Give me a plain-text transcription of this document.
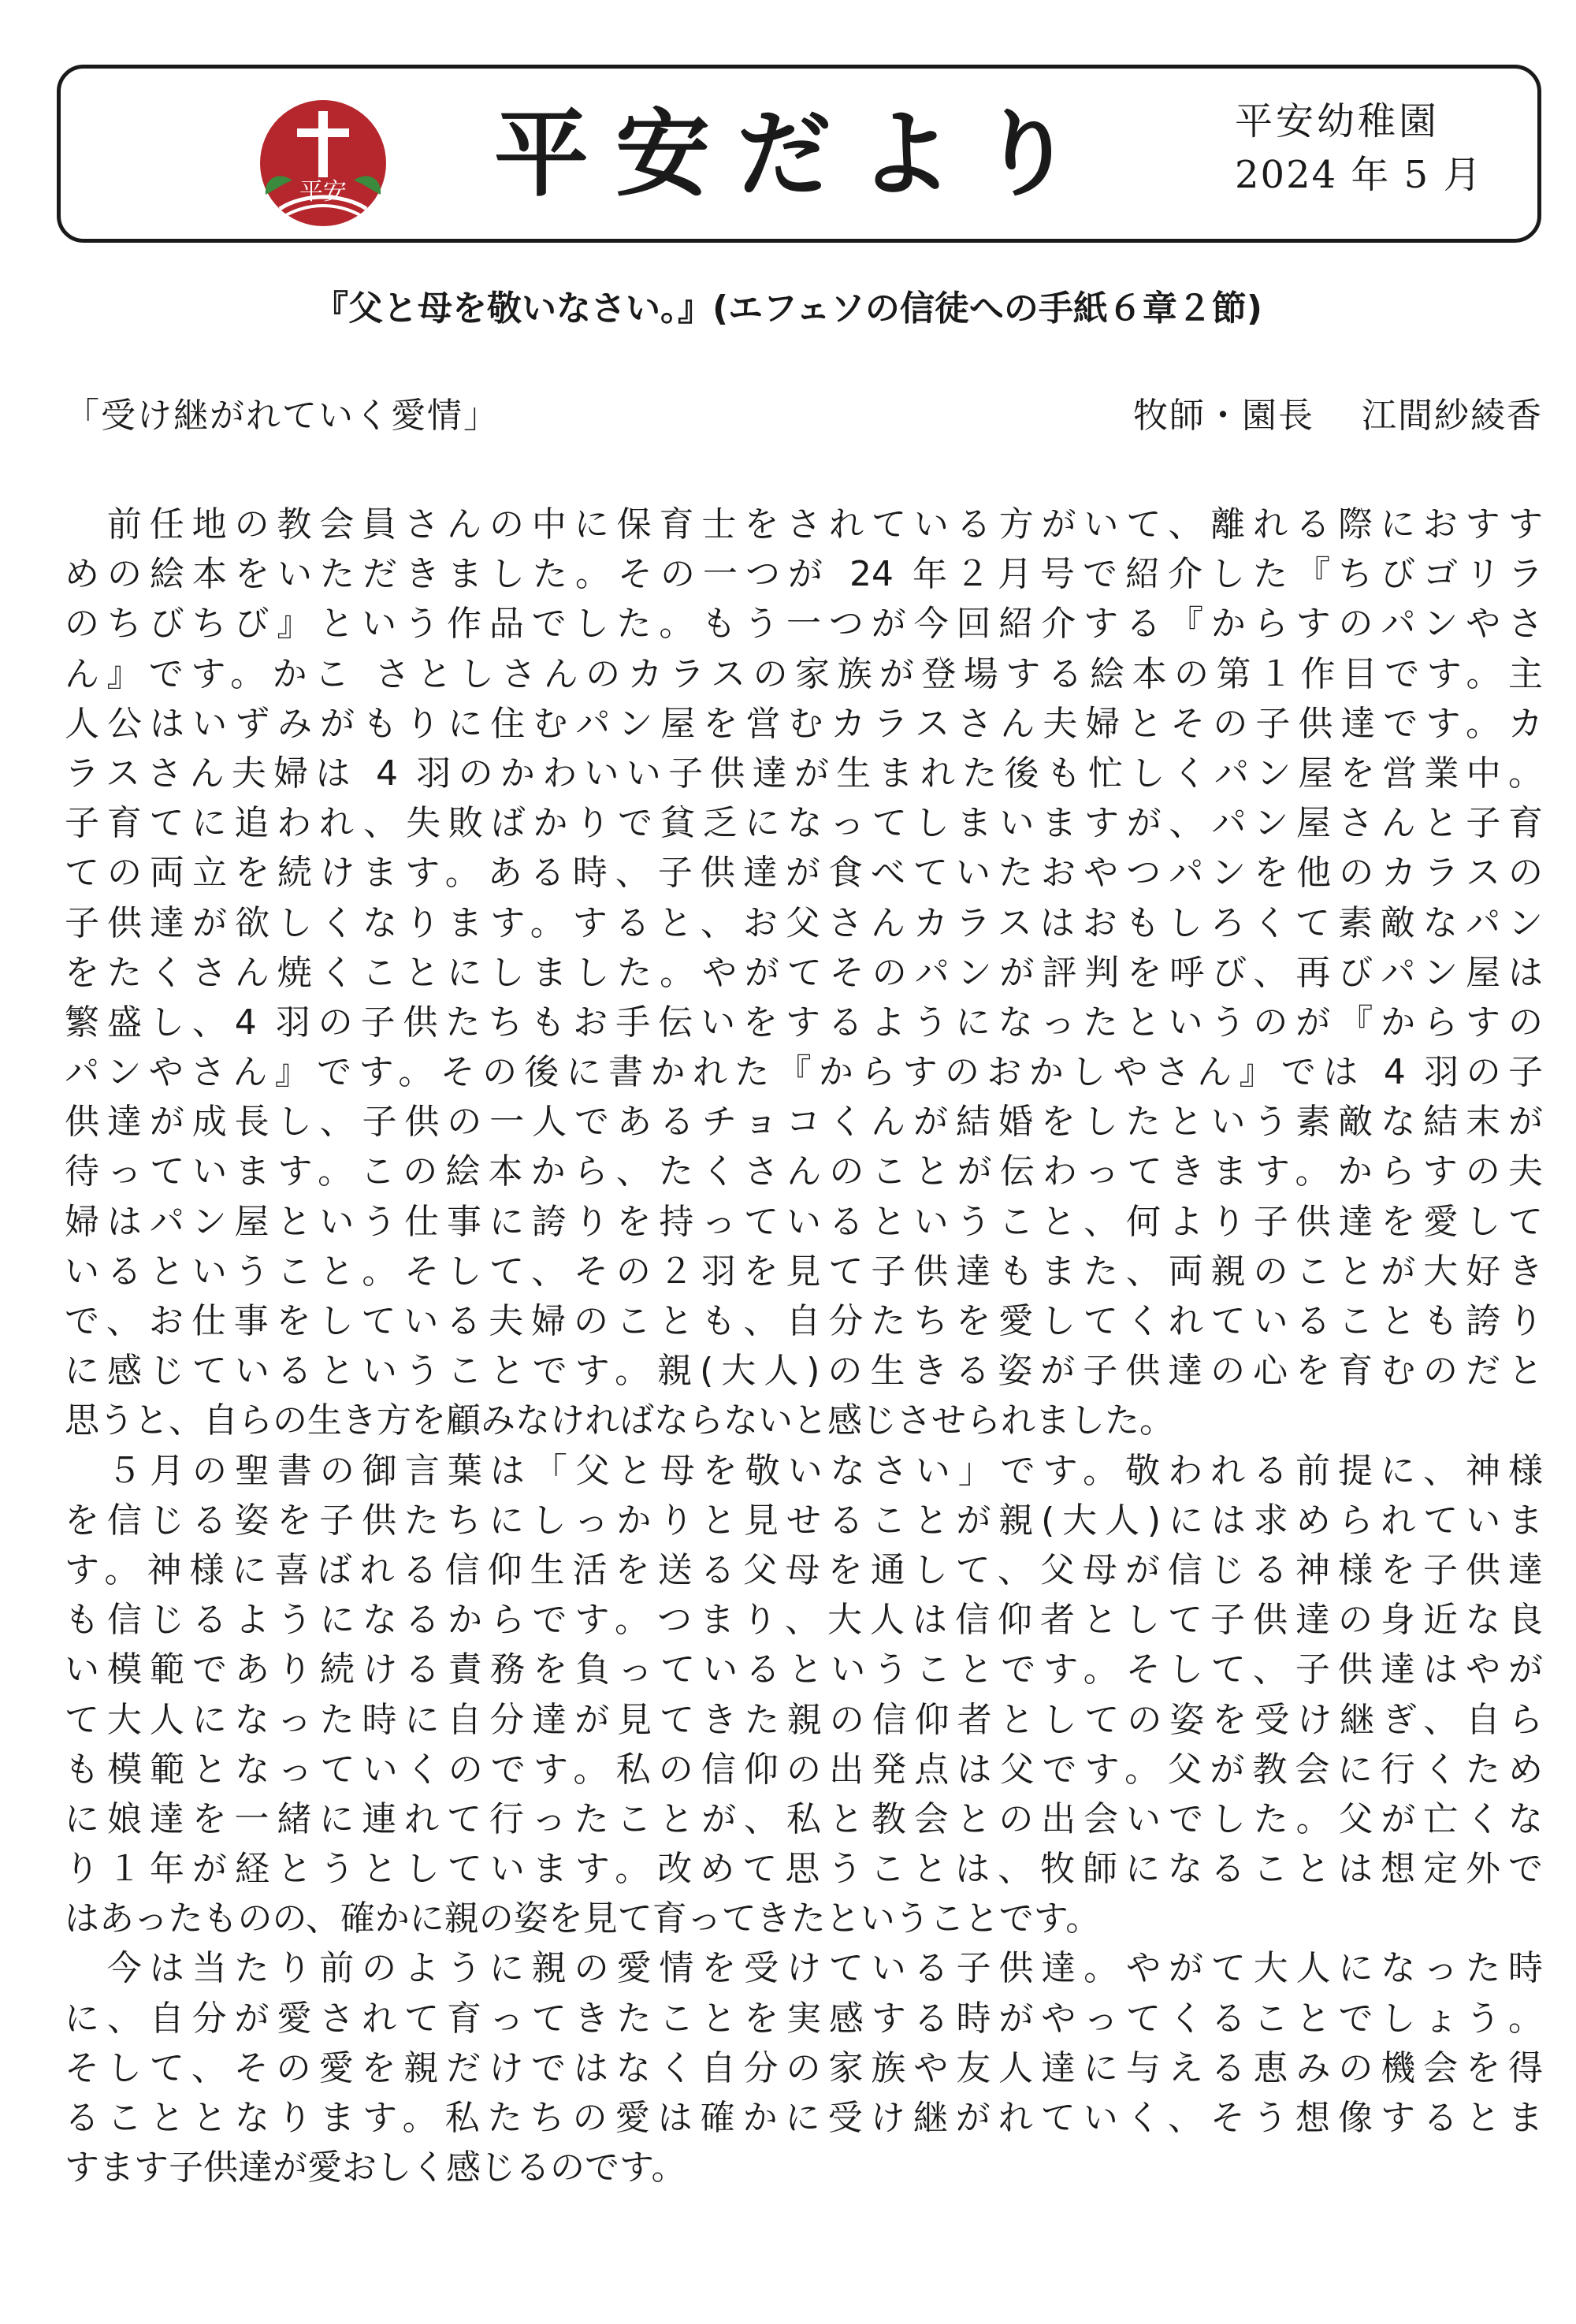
平安 平安だより	平安幼稚園
2024 年 5 月
『父と母を敬いなさい。』(エフェソの信徒への手紙６章２節)
「受け継がれていく愛情」	牧師・園長 江間紗綾香
　前任地の教会員さんの中に保育士をされている方がいて、離れる際におすす
めの絵本をいただきました。その一つが 24 年２月号で紹介した『ちびゴリラ
のちびちび』という作品でした。もう一つが今回紹介する『からすのパンやさ
ん』です。かこ さとしさんのカラスの家族が登場する絵本の第１作目です。主
人公はいずみがもりに住むパン屋を営むカラスさん夫婦とその子供達です。カ
ラスさん夫婦は 4 羽のかわいい子供達が生まれた後も忙しくパン屋を営業中。
子育てに追われ、失敗ばかりで貧乏になってしまいますが、パン屋さんと子育
ての両立を続けます。ある時、子供達が食べていたおやつパンを他のカラスの
子供達が欲しくなります。すると、お父さんカラスはおもしろくて素敵なパン
をたくさん焼くことにしました。やがてそのパンが評判を呼び、再びパン屋は
繁盛し、4 羽の子供たちもお手伝いをするようになったというのが『からすの
パンやさん』です。その後に書かれた『からすのおかしやさん』では 4 羽の子
供達が成長し、子供の一人であるチョコくんが結婚をしたという素敵な結末が
待っています。この絵本から、たくさんのことが伝わってきます。からすの夫
婦はパン屋という仕事に誇りを持っているということ、何より子供達を愛して
いるということ。そして、その２羽を見て子供達もまた、両親のことが大好き
で、お仕事をしている夫婦のことも、自分たちを愛してくれていることも誇り
に感じているということです。親(大人)の生きる姿が子供達の心を育むのだと
思うと、自らの生き方を顧みなければならないと感じさせられました。
　５月の聖書の御言葉は「父と母を敬いなさい」です。敬われる前提に、神様
を信じる姿を子供たちにしっかりと見せることが親(大人)には求められていま
す。神様に喜ばれる信仰生活を送る父母を通して、父母が信じる神様を子供達
も信じるようになるからです。つまり、大人は信仰者として子供達の身近な良
い模範であり続ける責務を負っているということです。そして、子供達はやが
て大人になった時に自分達が見てきた親の信仰者としての姿を受け継ぎ、自ら
も模範となっていくのです。私の信仰の出発点は父です。父が教会に行くため
に娘達を一緒に連れて行ったことが、私と教会との出会いでした。父が亡くな
り１年が経とうとしています。改めて思うことは、牧師になることは想定外で
はあったものの、確かに親の姿を見て育ってきたということです。
　今は当たり前のように親の愛情を受けている子供達。やがて大人になった時
に、自分が愛されて育ってきたことを実感する時がやってくることでしょう。
そして、その愛を親だけではなく自分の家族や友人達に与える恵みの機会を得
ることとなります。私たちの愛は確かに受け継がれていく、そう想像するとま
すます子供達が愛おしく感じるのです。
